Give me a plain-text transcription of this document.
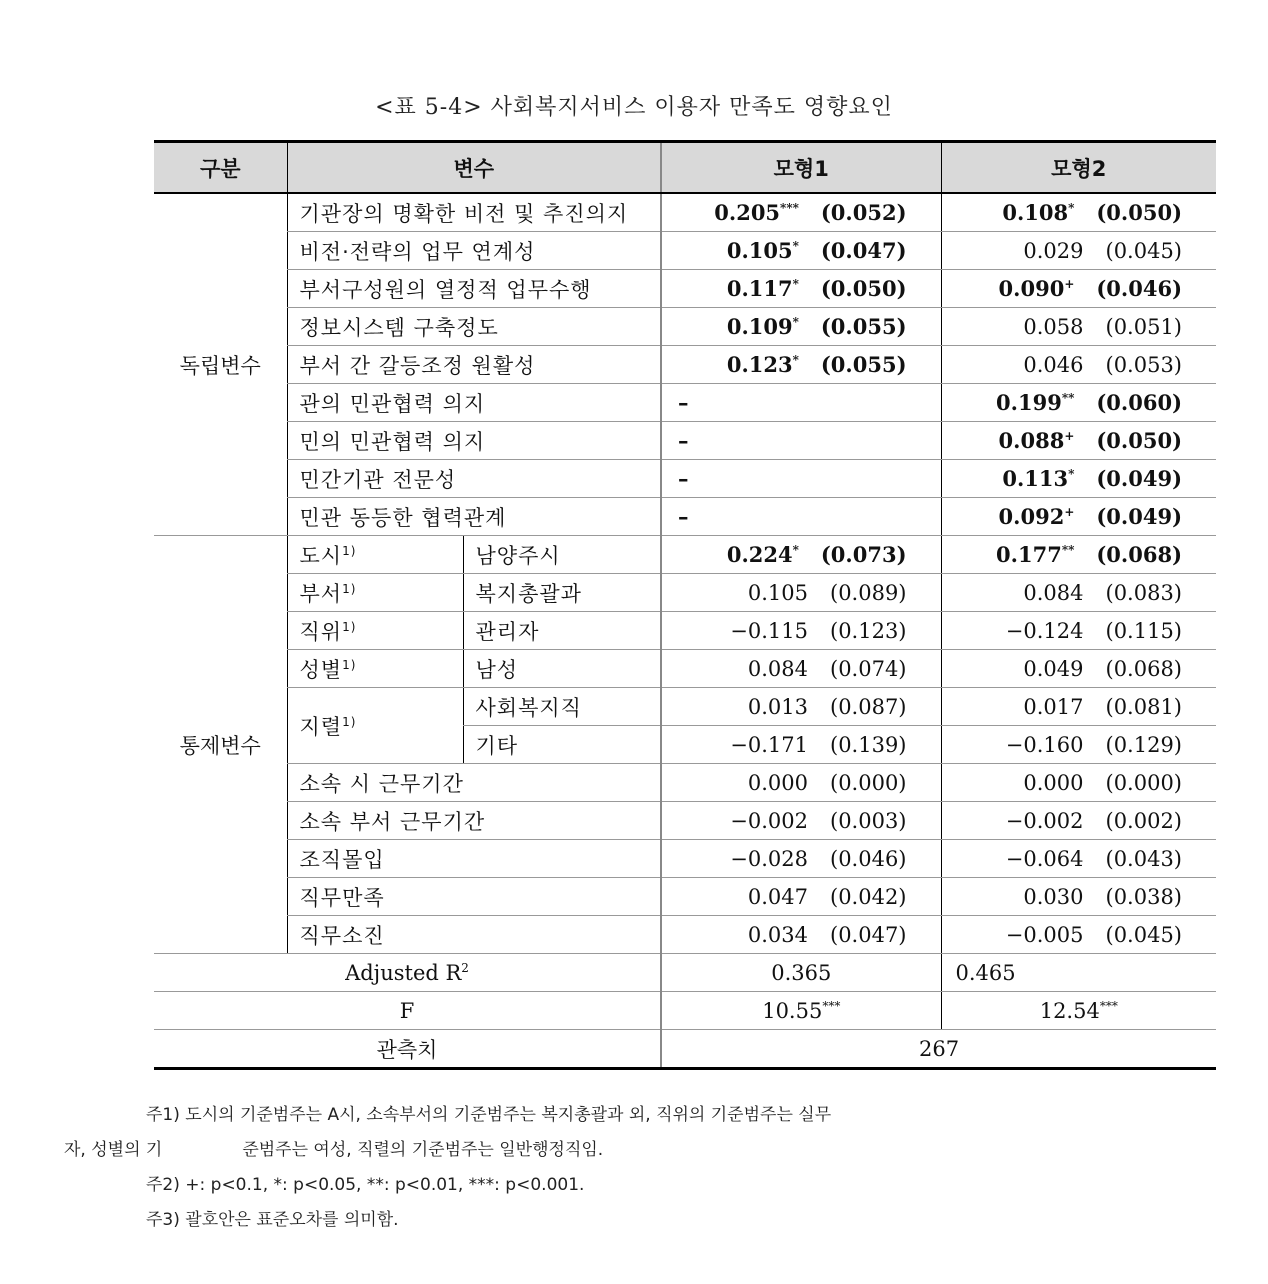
<표 5-4> 사회복지서비스 이용자 만족도 영향요인
구분	변수		모형1	모형2
독립변수	기관장의 명확한 비전 및 추진의지		0.205*** (0.052)	0.108* (0.050)
	비전·전략의 업무 연계성		0.105* (0.047)	0.029 (0.045)
	부서구성원의 열정적 업무수행		0.117* (0.050)	0.090+ (0.046)
	정보시스템 구축정도		0.109* (0.055)	0.058 (0.051)
	부서 간 갈등조정 원활성		0.123* (0.055)	0.046 (0.053)
	관의 민관협력 의지		–	0.199** (0.060)
	민의 민관협력 의지		–	0.088+ (0.050)
	민간기관 전문성		–	0.113* (0.049)
	민관 동등한 협력관계		–	0.092+ (0.049)
통제변수	도시$^{1)}$	남양주시	0.224* (0.073)	0.177** (0.068)
	부서$^{1)}$	복지총괄과	0.105 (0.089)	0.084 (0.083)
	직위$^{1)}$	관리자	−0.115 (0.123)	−0.124 (0.115)
	성별$^{1)}$	남성	0.084 (0.074)	0.049 (0.068)
	지렬$^{1)}$	사회복지직	0.013 (0.087)	0.017 (0.081)
		기타	−0.171 (0.139)	−0.160 (0.129)
	소속 시 근무기간		0.000 (0.000)	0.000 (0.000)
	소속 부서 근무기간		−0.002 (0.003)	−0.002 (0.002)
	조직몰입		−0.028 (0.046)	−0.064 (0.043)
	직무만족		0.047 (0.042)	0.030 (0.038)
	직무소진		0.034 (0.047)	−0.005 (0.045)
Adjusted $R^2$			0.365	0.465
F			10.55***	12.54***
관측치			267	
주1) 도시의 기준범주는 A시, 소속부서의 기준범주는 복지총괄과 외, 직위의 기준범주는 실무
자, 성별의 기	준범주는 여성, 직렬의 기준범주는 일반행정직임.
주2) +: p<0.1, *: p<0.05, **: p<0.01, ***: p<0.001.
주3) 괄호안은 표준오차를 의미함.
